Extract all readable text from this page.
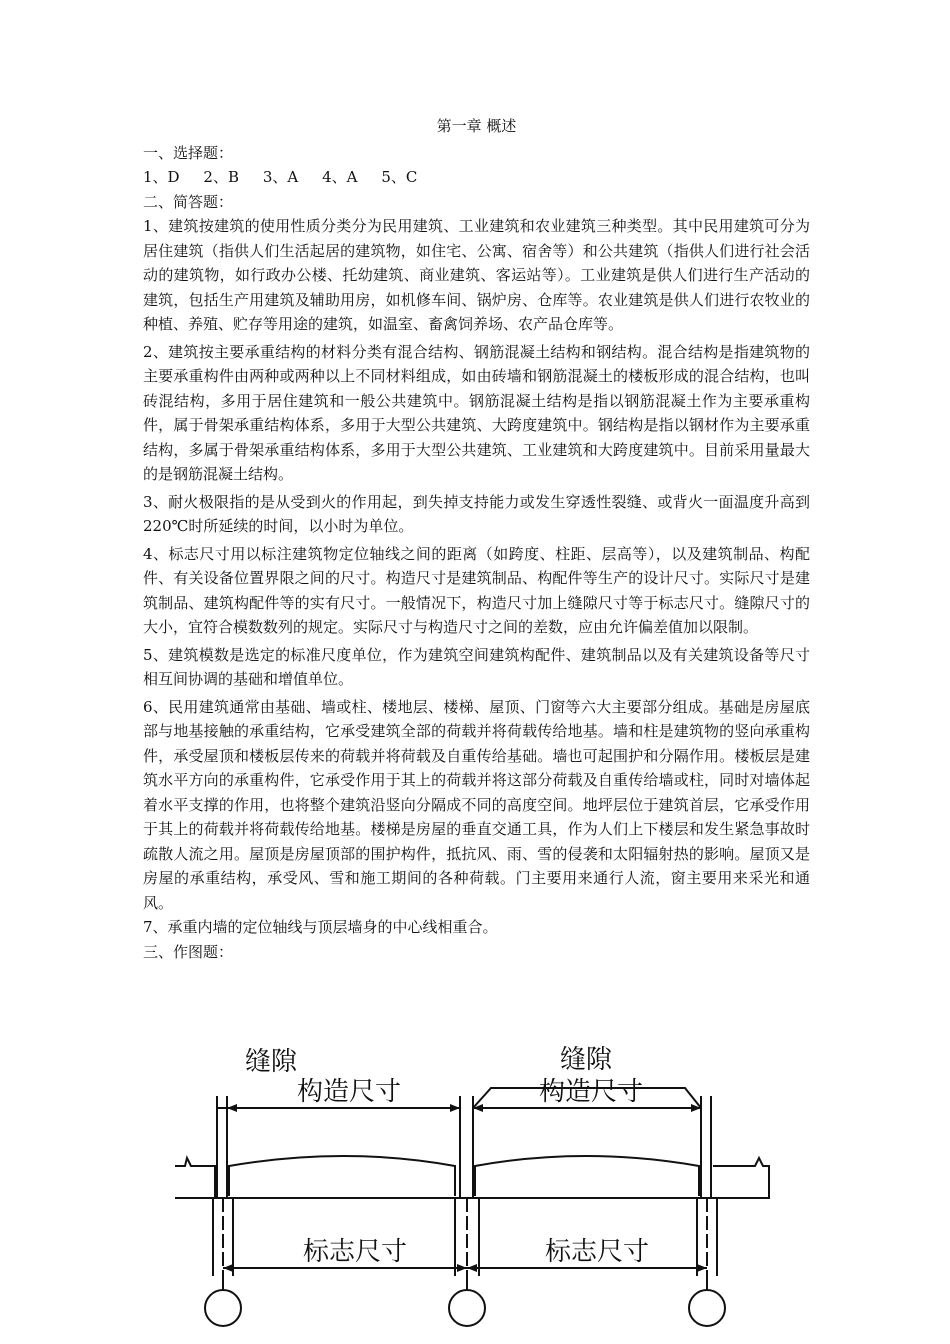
第一章 概述

一、选择题：

1、D 2、B 3、A 4、A 5、C

二、简答题：

1、建筑按建筑的使用性质分类分为民用建筑、工业建筑和农业建筑三种类型。其中民用建筑可分为居住建筑（指供人们生活起居的建筑物，如住宅、公寓、宿舍等）和公共建筑（指供人们进行社会活动的建筑物，如行政办公楼、托幼建筑、商业建筑、客运站等）。工业建筑是供人们进行生产活动的建筑，包括生产用建筑及辅助用房，如机修车间、锅炉房、仓库等。农业建筑是供人们进行农牧业的种植、养殖、贮存等用途的建筑，如温室、畜禽饲养场、农产品仓库等。

2、建筑按主要承重结构的材料分类有混合结构、钢筋混凝土结构和钢结构。混合结构是指建筑物的主要承重构件由两种或两种以上不同材料组成，如由砖墙和钢筋混凝土的楼板形成的混合结构，也叫砖混结构，多用于居住建筑和一般公共建筑中。钢筋混凝土结构是指以钢筋混凝土作为主要承重构件，属于骨架承重结构体系，多用于大型公共建筑、大跨度建筑中。钢结构是指以钢材作为主要承重结构，多属于骨架承重结构体系，多用于大型公共建筑、工业建筑和大跨度建筑中。目前采用量最大的是钢筋混凝土结构。

3、耐火极限指的是从受到火的作用起，到失掉支持能力或发生穿透性裂缝、或背火一面温度升高到 220℃时所延续的时间，以小时为单位。

4、标志尺寸用以标注建筑物定位轴线之间的距离（如跨度、柱距、层高等），以及建筑制品、构配件、有关设备位置界限之间的尺寸。构造尺寸是建筑制品、构配件等生产的设计尺寸。实际尺寸是建筑制品、建筑构配件等的实有尺寸。一般情况下，构造尺寸加上缝隙尺寸等于标志尺寸。缝隙尺寸的大小，宜符合模数数列的规定。实际尺寸与构造尺寸之间的差数，应由允许偏差值加以限制。

5、建筑模数是选定的标准尺度单位，作为建筑空间建筑构配件、建筑制品以及有关建筑设备等尺寸相互间协调的基础和增值单位。

6、民用建筑通常由基础、墙或柱、楼地层、楼梯、屋顶、门窗等六大主要部分组成。基础是房屋底部与地基接触的承重结构，它承受建筑全部的荷载并将荷载传给地基。墙和柱是建筑物的竖向承重构件，承受屋顶和楼板层传来的荷载并将荷载及自重传给基础。墙也可起围护和分隔作用。楼板层是建筑水平方向的承重构件，它承受作用于其上的荷载并将这部分荷载及自重传给墙或柱，同时对墙体起着水平支撑的作用，也将整个建筑沿竖向分隔成不同的高度空间。地坪层位于建筑首层，它承受作用于其上的荷载并将荷载传给地基。楼梯是房屋的垂直交通工具，作为人们上下楼层和发生紧急事故时疏散人流之用。屋顶是房屋顶部的围护构件，抵抗风、雨、雪的侵袭和太阳辐射热的影响。屋顶又是房屋的承重结构，承受风、雪和施工期间的各种荷载。门主要用来通行人流，窗主要用来采光和通风。

7、承重内墙的定位轴线与顶层墙身的中心线相重合。

三、作图题：

缝隙	缝隙
构造尺寸	构造尺寸
标志尺寸	标志尺寸
